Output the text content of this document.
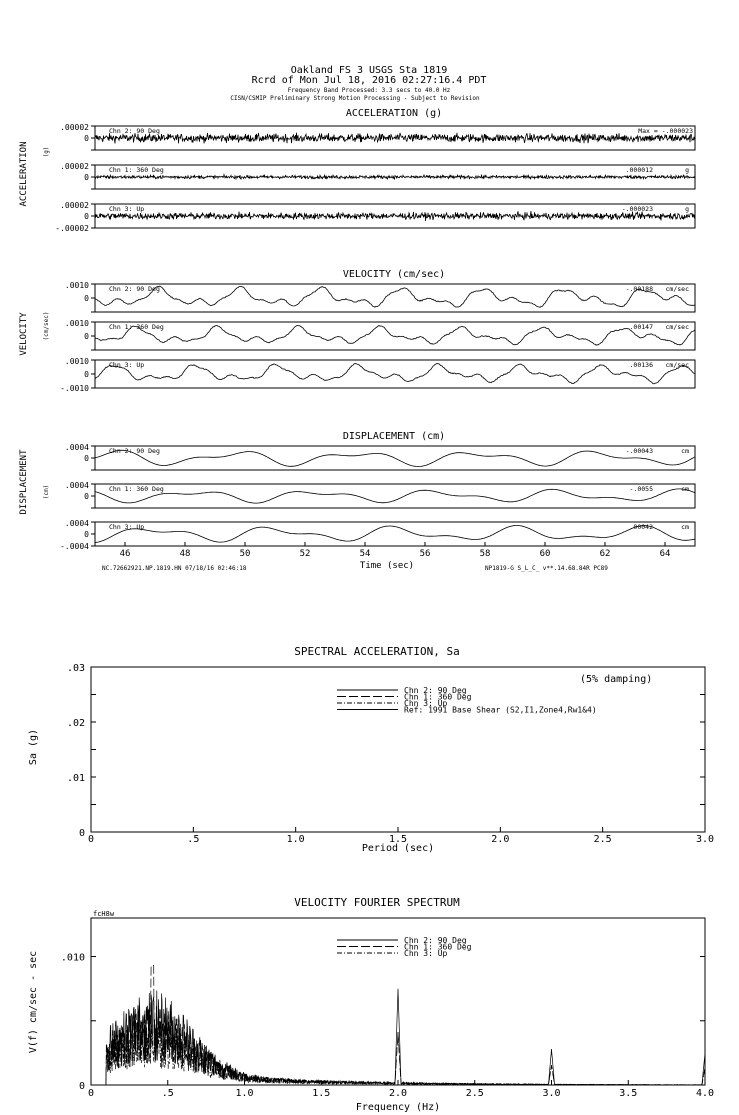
Oakland FS 3 USGS Sta 1819
Rcrd of Mon Jul 18, 2016 02:27:16.4 PDT
Frequency Band Processed: 3.3 secs to 40.0 Hz
CISN/CSMIP Preliminary Strong Motion Processing - Subject to Revision
ACCELERATION (g)
ACCELERATION (g)
.00002
0
Chn 2: 90 Deg	Max = -.000023
.00002
0
Chn 1: 360 Deg	.000012	g
.00002
0
-.00002
Chn 3: Up	-.000023	g
VELOCITY (cm/sec)
VELOCITY (cm/sec)
.0010
0
Chn 2: 90 Deg	-.00188 cm/sec
.0010
0
Chn 1: 360 Deg	.00147 cm/sec
.0010
0
-.0010
Chn 3: Up	.00136 cm/sec
DISPLACEMENT (cm)
DISPLACEMENT (cm)
Time (sec)
NC.72662921.NP.1819.HN 07/18/16 02:46:18	NP1819-G S_L_C_ v**.14.68.84R PC89
.0004
0
Chn 2: 90 Deg	-.00043	cm
.0004
0
Chn 1: 360 Deg	-.0055	cm
.0004
0
-.0004
Chn 3: Up	.00042	cm
46	48	50	52	54	56	58	60	62	64
SPECTRAL ACCELERATION, Sa
Sa (g)
Period (sec)
(5% damping)
0	.5	1.0	1.5	2.0	2.5	3.0
0
.01
.02
.03
Chn 2: 90 Deg
Chn 1: 360 Deg
Chn 3: Up
Ref: 1991 Base Shear (S2,I1,Zone4,Rw1&4)
VELOCITY FOURIER SPECTRUM
V(f) cm/sec - sec
Frequency (Hz)
fcH8w
0	.5	1.0	1.5	2.0	2.5	3.0	3.5	4.0
0
.010
Chn 2: 90 Deg
Chn 1: 360 Deg
Chn 3: Up
